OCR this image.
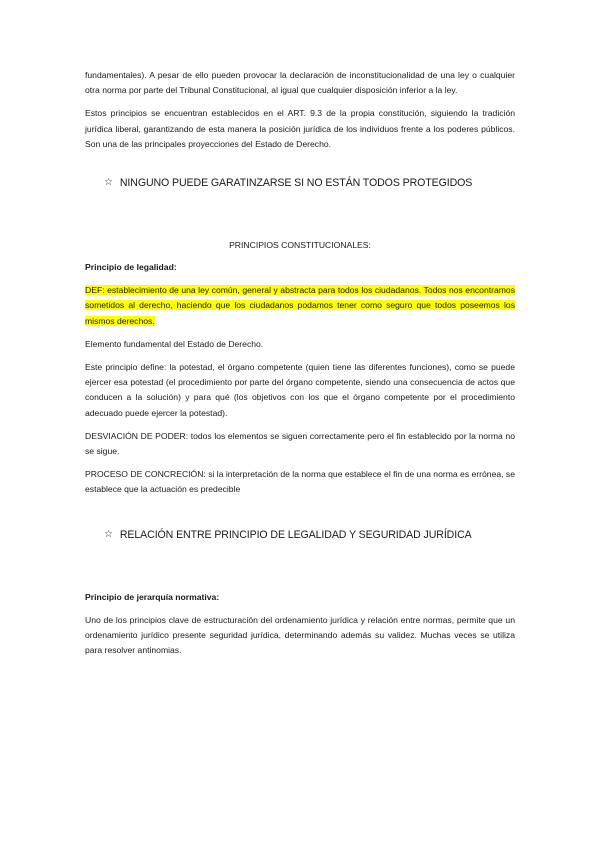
fundamentales). A pesar de ello pueden provocar la declaración de inconstitucionalidad de una ley o cualquier otra norma por parte del Tribunal Constitucional, al igual que cualquier disposición inferior a la ley.

Estos principios se encuentran establecidos en el ART. 9.3 de la propia constitución, siguiendo la tradición jurídica liberal, garantizando de esta manera la posición jurídica de los individuos frente a los poderes públicos. Son una de las principales proyecciones del Estado de Derecho.

☆ NINGUNO PUEDE GARATINZARSE SI NO ESTÁN TODOS PROTEGIDOS
PRINCIPIOS CONSTITUCIONALES:

Principio de legalidad:

DEF: establecimiento de una ley común, general y abstracta para todos los ciudadanos. Todos nos encontramos sometidos al derecho, haciendo que los ciudadanos podamos tener como seguro que todos poseemos los mismos derechos.

Elemento fundamental del Estado de Derecho.

Este principio define: la potestad, el órgano competente (quien tiene las diferentes funciones), como se puede ejercer esa potestad (el procedimiento por parte del órgano competente, siendo una consecuencia de actos que conducen a la solución) y para qué (los objetivos con los que el órgano competente por el procedimiento adecuado puede ejercer la potestad).

DESVIACIÓN DE PODER: todos los elementos se siguen correctamente pero el fin establecido por la norma no se sigue.

PROCESO DE CONCRECIÓN: si la interpretación de la norma que establece el fin de una norma es errónea, se establece que la actuación es predecible

☆ RELACIÓN ENTRE PRINCIPIO DE LEGALIDAD Y SEGURIDAD JURÍDICA

Principio de jerarquía normativa:

Uno de los principios clave de estructuración del ordenamiento jurídica y relación entre normas, permite que un ordenamiento jurídico presente seguridad jurídica, determinando además su validez. Muchas veces se utiliza para resolver antinomias.
